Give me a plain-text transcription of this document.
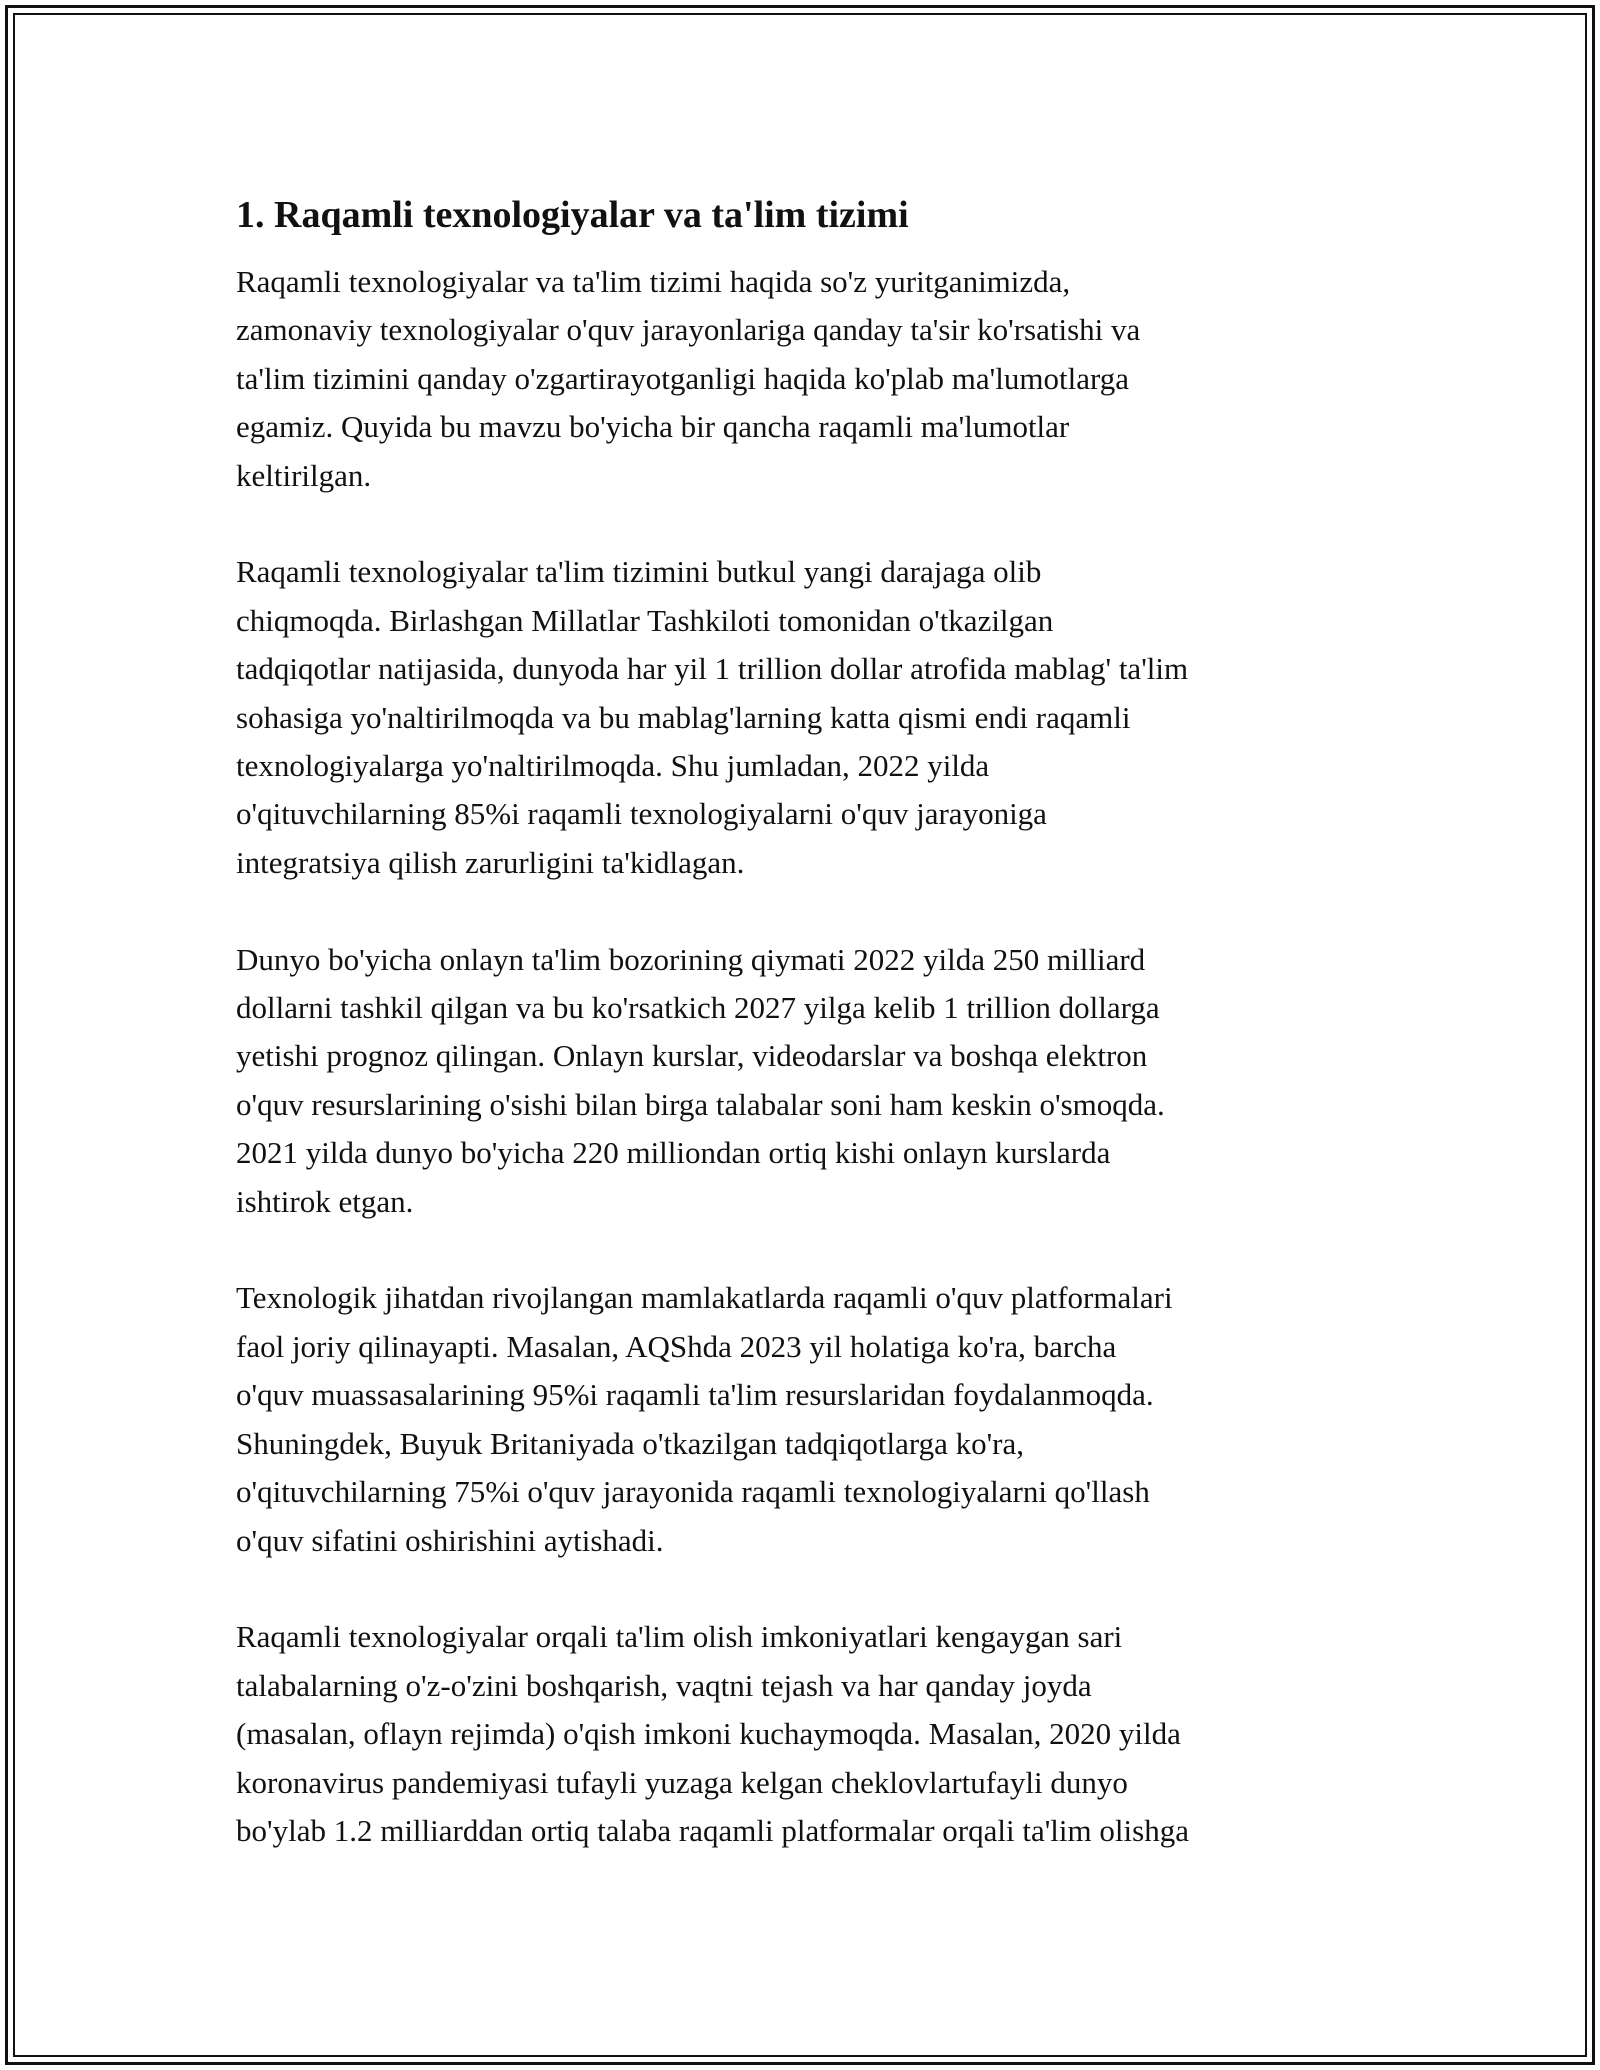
1. Raqamli texnologiyalar va ta'lim tizimi

Raqamli texnologiyalar va ta'lim tizimi haqida so'z yuritganimizda,
zamonaviy texnologiyalar o'quv jarayonlariga qanday ta'sir ko'rsatishi va
ta'lim tizimini qanday o'zgartirayotganligi haqida ko'plab ma'lumotlarga
egamiz. Quyida bu mavzu bo'yicha bir qancha raqamli ma'lumotlar
keltirilgan.

Raqamli texnologiyalar ta'lim tizimini butkul yangi darajaga olib
chiqmoqda. Birlashgan Millatlar Tashkiloti tomonidan o'tkazilgan
tadqiqotlar natijasida, dunyoda har yil 1 trillion dollar atrofida mablag' ta'lim
sohasiga yo'naltirilmoqda va bu mablag'larning katta qismi endi raqamli
texnologiyalarga yo'naltirilmoqda. Shu jumladan, 2022 yilda
o'qituvchilarning 85%i raqamli texnologiyalarni o'quv jarayoniga
integratsiya qilish zarurligini ta'kidlagan.

Dunyo bo'yicha onlayn ta'lim bozorining qiymati 2022 yilda 250 milliard
dollarni tashkil qilgan va bu ko'rsatkich 2027 yilga kelib 1 trillion dollarga
yetishi prognoz qilingan. Onlayn kurslar, videodarslar va boshqa elektron
o'quv resurslarining o'sishi bilan birga talabalar soni ham keskin o'smoqda.
2021 yilda dunyo bo'yicha 220 milliondan ortiq kishi onlayn kurslarda
ishtirok etgan.

Texnologik jihatdan rivojlangan mamlakatlarda raqamli o'quv platformalari
faol joriy qilinayapti. Masalan, AQShda 2023 yil holatiga ko'ra, barcha
o'quv muassasalarining 95%i raqamli ta'lim resurslaridan foydalanmoqda.
Shuningdek, Buyuk Britaniyada o'tkazilgan tadqiqotlarga ko'ra,
o'qituvchilarning 75%i o'quv jarayonida raqamli texnologiyalarni qo'llash
o'quv sifatini oshirishini aytishadi.

Raqamli texnologiyalar orqali ta'lim olish imkoniyatlari kengaygan sari
talabalarning o'z-o'zini boshqarish, vaqtni tejash va har qanday joyda
(masalan, oflayn rejimda) o'qish imkoni kuchaymoqda. Masalan, 2020 yilda
koronavirus pandemiyasi tufayli yuzaga kelgan cheklovlartufayli dunyo
bo'ylab 1.2 milliarddan ortiq talaba raqamli platformalar orqali ta'lim olishga
